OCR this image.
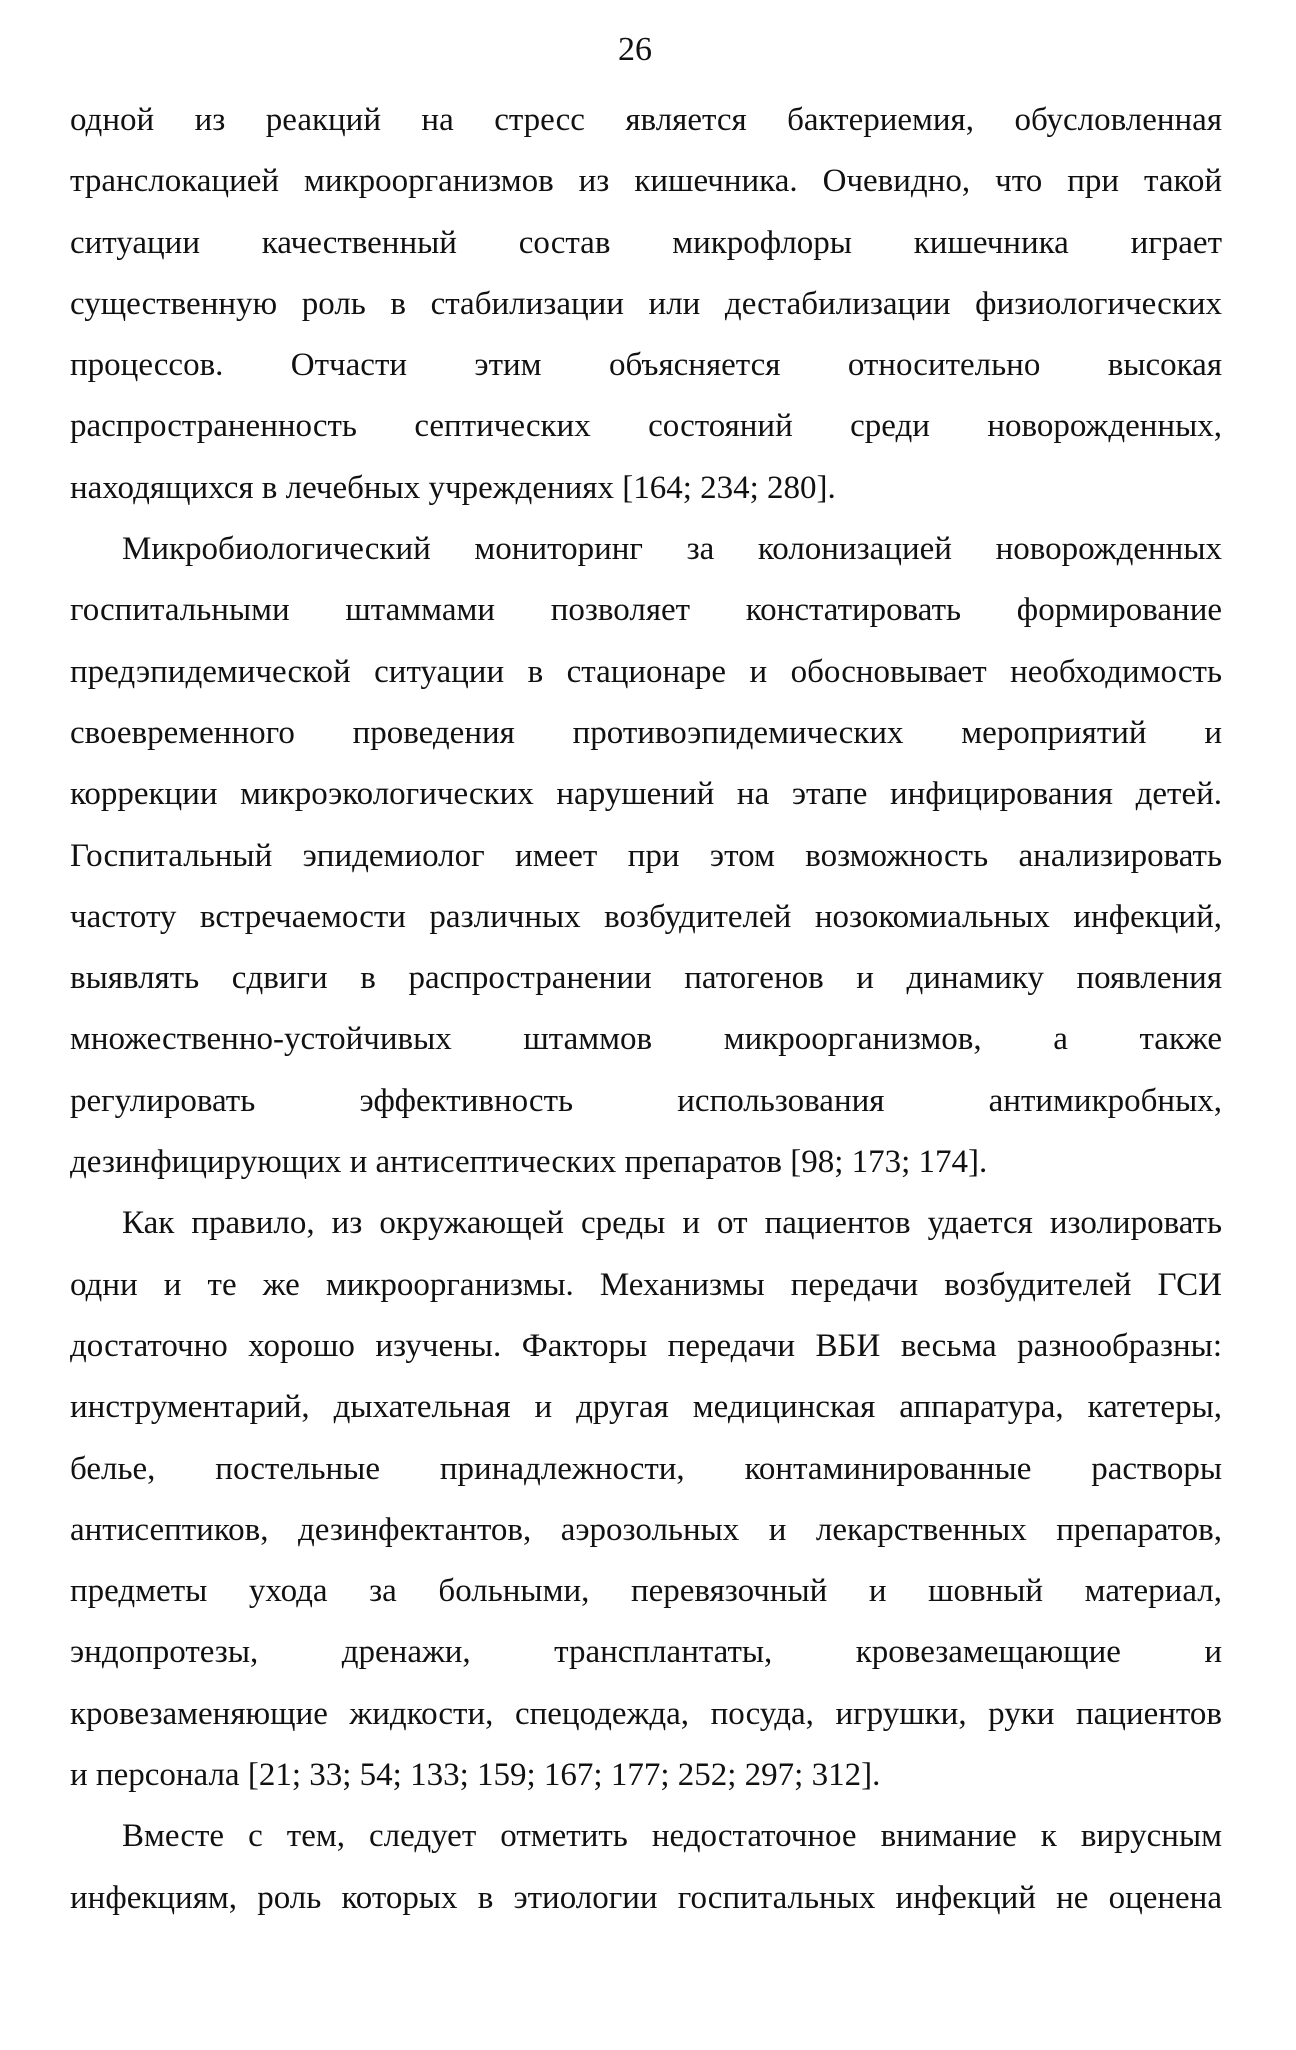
26
одной из реакций на стресс является бактериемия, обусловленная
транслокацией микроорганизмов из кишечника. Очевидно, что при такой
ситуации качественный состав микрофлоры кишечника играет
существенную роль в стабилизации или дестабилизации физиологических
процессов. Отчасти этим объясняется относительно высокая
распространенность септических состояний среди новорожденных,
находящихся в лечебных учреждениях [164; 234; 280].
Микробиологический мониторинг за колонизацией новорожденных
госпитальными штаммами позволяет констатировать формирование
предэпидемической ситуации в стационаре и обосновывает необходимость
своевременного проведения противоэпидемических мероприятий и
коррекции микроэкологических нарушений на этапе инфицирования детей.
Госпитальный эпидемиолог имеет при этом возможность анализировать
частоту встречаемости различных возбудителей нозокомиальных инфекций,
выявлять сдвиги в распространении патогенов и динамику появления
множественно-устойчивых штаммов микроорганизмов, а также
регулировать эффективность использования антимикробных,
дезинфицирующих и антисептических препаратов [98; 173; 174].
Как правило, из окружающей среды и от пациентов удается изолировать
одни и те же микроорганизмы. Механизмы передачи возбудителей ГСИ
достаточно хорошо изучены. Факторы передачи ВБИ весьма разнообразны:
инструментарий, дыхательная и другая медицинская аппаратура, катетеры,
белье, постельные принадлежности, контаминированные растворы
антисептиков, дезинфектантов, аэрозольных и лекарственных препаратов,
предметы ухода за больными, перевязочный и шовный материал,
эндопротезы, дренажи, трансплантаты, кровезамещающие и
кровезаменяющие жидкости, спецодежда, посуда, игрушки, руки пациентов
и персонала [21; 33; 54; 133; 159; 167; 177; 252; 297; 312].
Вместе с тем, следует отметить недостаточное внимание к вирусным
инфекциям, роль которых в этиологии госпитальных инфекций не оценена
